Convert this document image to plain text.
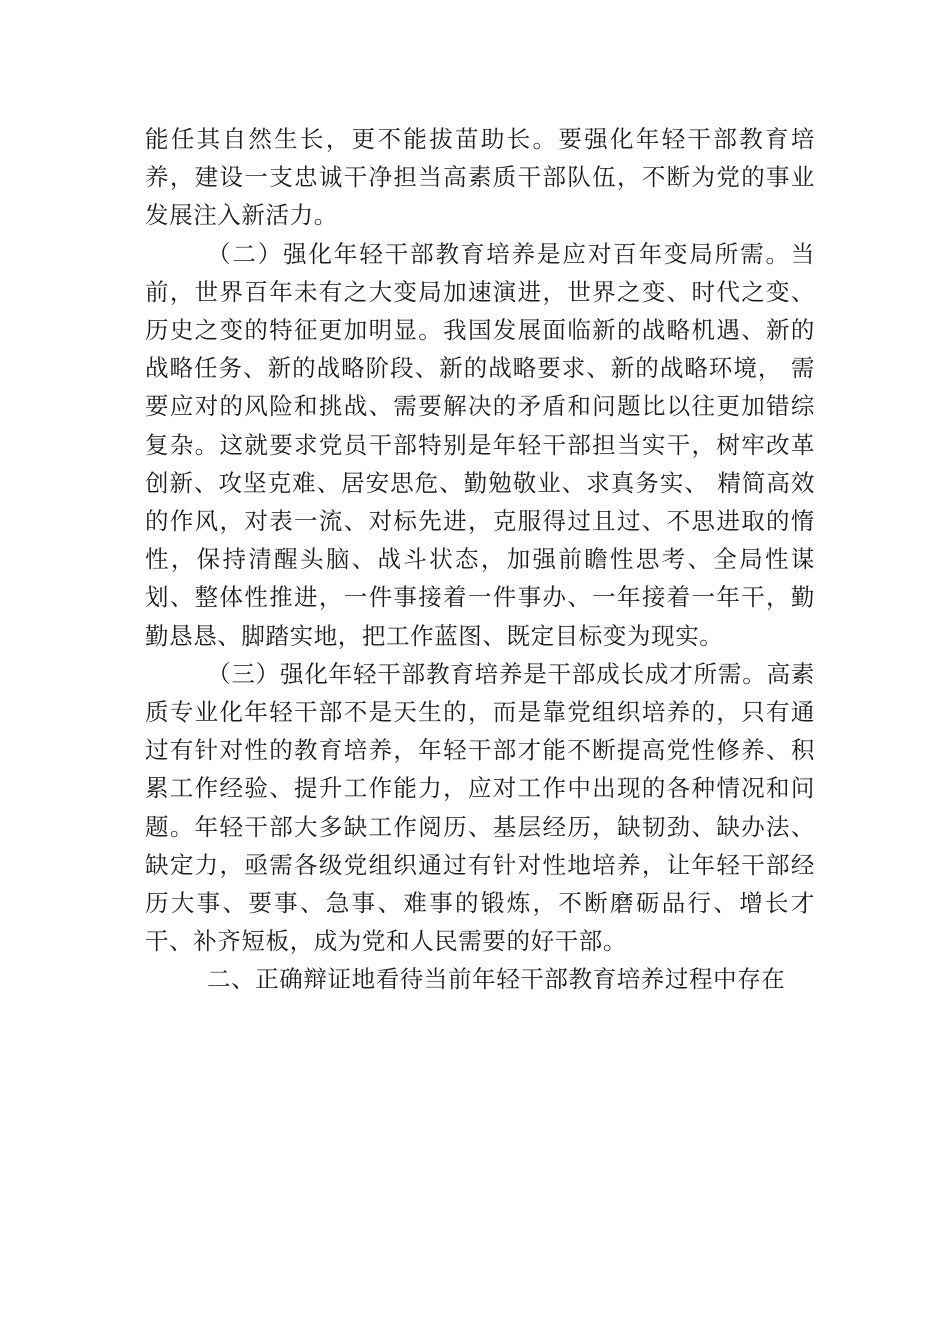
能任其自然生长，更不能拔苗助长。要强化年轻干部教育培养，建设一支忠诚干净担当高素质干部队伍，不断为党的事业发展注入新活力。

（二）强化年轻干部教育培养是应对百年变局所需。当前，世界百年未有之大变局加速演进，世界之变、时代之变、历史之变的特征更加明显。我国发展面临新的战略机遇、新的战略任务、新的战略阶段、新的战略要求、新的战略环境， 需要应对的风险和挑战、需要解决的矛盾和问题比以往更加错综复杂。这就要求党员干部特别是年轻干部担当实干，树牢改革创新、攻坚克难、居安思危、勤勉敬业、求真务实、 精简高效的作风，对表一流、对标先进，克服得过且过、不思进取的惰性，保持清醒头脑、战斗状态，加强前瞻性思考、全局性谋划、整体性推进，一件事接着一件事办、一年接着一年干，勤勤恳恳、脚踏实地，把工作蓝图、既定目标变为现实。

（三）强化年轻干部教育培养是干部成长成才所需。高素质专业化年轻干部不是天生的，而是靠党组织培养的，只有通过有针对性的教育培养，年轻干部才能不断提高党性修养、积累工作经验、提升工作能力，应对工作中出现的各种情况和问题。年轻干部大多缺工作阅历、基层经历，缺韧劲、缺办法、缺定力，亟需各级党组织通过有针对性地培养，让年轻干部经历大事、要事、急事、难事的锻炼，不断磨砺品行、增长才干、补齐短板，成为党和人民需要的好干部。

二、正确辩证地看待当前年轻干部教育培养过程中存在
